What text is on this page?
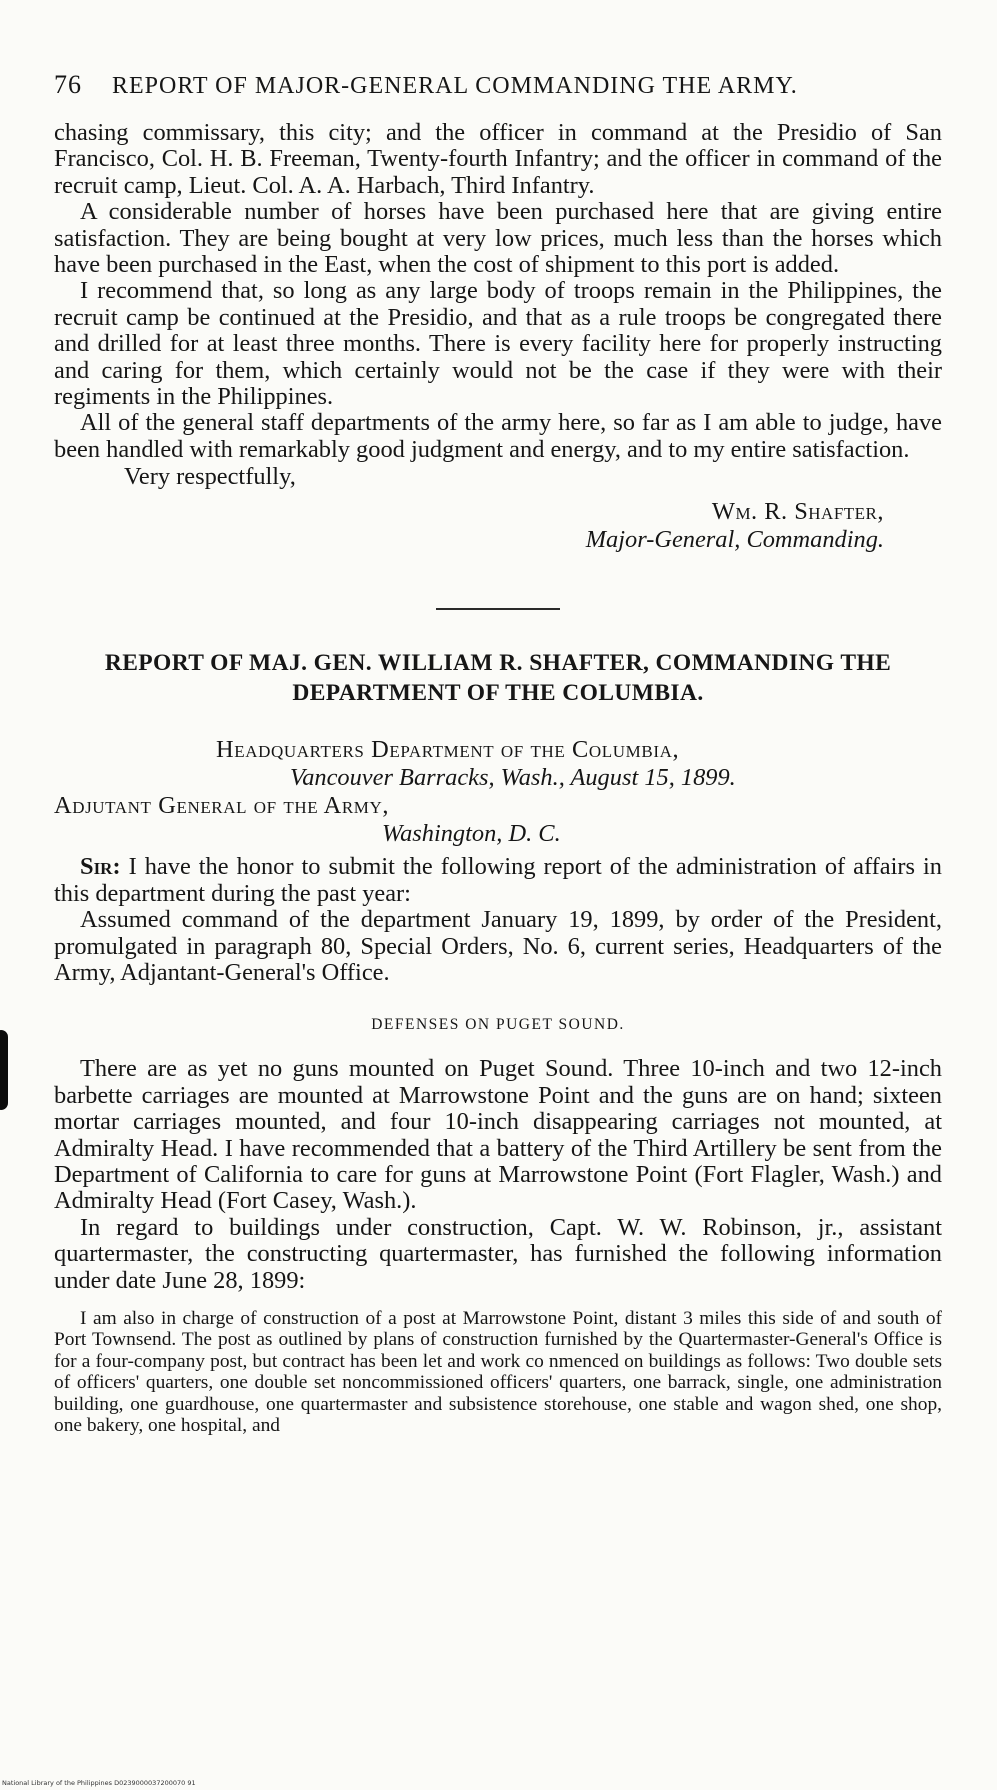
76 REPORT OF MAJOR-GENERAL COMMANDING THE ARMY.

chasing commissary, this city; and the officer in command at the Presidio of San Francisco, Col. H. B. Freeman, Twenty-fourth Infantry; and the officer in command of the recruit camp, Lieut. Col. A. A. Harbach, Third Infantry.

A considerable number of horses have been purchased here that are giving entire satisfaction. They are being bought at very low prices, much less than the horses which have been purchased in the East, when the cost of shipment to this port is added.

I recommend that, so long as any large body of troops remain in the Philippines, the recruit camp be continued at the Presidio, and that as a rule troops be congregated there and drilled for at least three months. There is every facility here for properly instructing and caring for them, which certainly would not be the case if they were with their regiments in the Philippines.

All of the general staff departments of the army here, so far as I am able to judge, have been handled with remarkably good judgment and energy, and to my entire satisfaction.

Very respectfully,

Wm. R. Shafter,
Major-General, Commanding.
REPORT OF MAJ. GEN. WILLIAM R. SHAFTER, COMMANDING THE
DEPARTMENT OF THE COLUMBIA.
Headquarters Department of the Columbia,
Vancouver Barracks, Wash., August 15, 1899.
Adjutant General of the Army,
Washington, D. C.

Sir: I have the honor to submit the following report of the administration of affairs in this department during the past year:

Assumed command of the department January 19, 1899, by order of the President, promulgated in paragraph 80, Special Orders, No. 6, current series, Headquarters of the Army, Adjantant-General's Office.

DEFENSES ON PUGET SOUND.

There are as yet no guns mounted on Puget Sound. Three 10-inch and two 12-inch barbette carriages are mounted at Marrowstone Point and the guns are on hand; sixteen mortar carriages mounted, and four 10-inch disappearing carriages not mounted, at Admiralty Head. I have recommended that a battery of the Third Artillery be sent from the Department of California to care for guns at Marrowstone Point (Fort Flagler, Wash.) and Admiralty Head (Fort Casey, Wash.).

In regard to buildings under construction, Capt. W. W. Robinson, jr., assistant quartermaster, the constructing quartermaster, has furnished the following information under date June 28, 1899:

I am also in charge of construction of a post at Marrowstone Point, distant 3 miles this side of and south of Port Townsend. The post as outlined by plans of construction furnished by the Quartermaster-General's Office is for a four-company post, but contract has been let and work co nmenced on buildings as follows: Two double sets of officers' quarters, one double set noncommissioned officers' quarters, one barrack, single, one administration building, one guardhouse, one quartermaster and subsistence storehouse, one stable and wagon shed, one shop, one bakery, one hospital, and

National Library of the Philippines D0239000037200070 91
